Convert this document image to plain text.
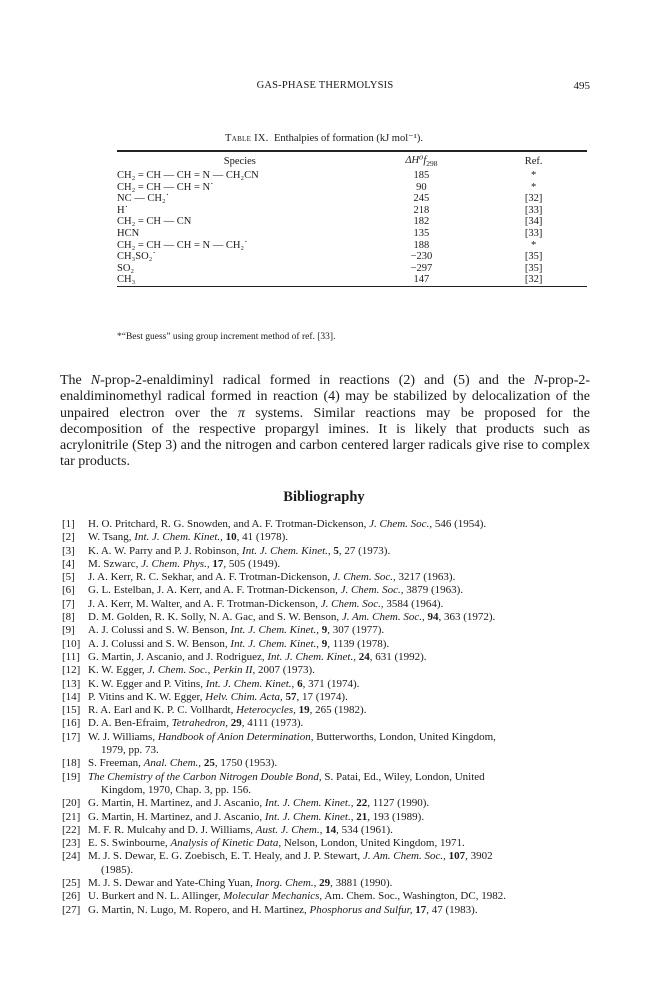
GAS-PHASE THERMOLYSIS	495
Table IX. Enthalpies of formation (kJ mol⁻¹).
Species	$\Delta H^0f_{298}$	Ref.
CH₂ = CH — CH = N — CH₂CN	185	*
CH₂ = CH — CH = N˙	90	*
NC — CH₂˙	245	[32]
H˙	218	[33]
CH₂ = CH — CN	182	[34]
HCN	135	[33]
CH₂ = CH — CH = N — CH₂˙	188	*
CH₃SO₂˙	−230	[35]
SO₂	−297	[35]
CH₃	147	[32]
*“Best guess” using group increment method of ref. [33].
The N-prop-2-enaldiminyl radical formed in reactions (2) and (5) and the N-prop-2-enaldiminomethyl radical formed in reaction (4) may be stabilized by delocalization of the unpaired electron over the π systems. Similar reactions may be proposed for the decomposition of the respective propargyl imines. It is likely that products such as acrylonitrile (Step 3) and the nitrogen and carbon centered larger radicals give rise to complex tar products.
Bibliography
[1]	H. O. Pritchard, R. G. Snowden, and A. F. Trotman-Dickenson, J. Chem. Soc., 546 (1954).
[2]	W. Tsang, Int. J. Chem. Kinet., 10, 41 (1978).
[3]	K. A. W. Parry and P. J. Robinson, Int. J. Chem. Kinet., 5, 27 (1973).
[4]	M. Szwarc, J. Chem. Phys., 17, 505 (1949).
[5]	J. A. Kerr, R. C. Sekhar, and A. F. Trotman-Dickenson, J. Chem. Soc., 3217 (1963).
[6]	G. L. Estelban, J. A. Kerr, and A. F. Trotman-Dickenson, J. Chem. Soc., 3879 (1963).
[7]	J. A. Kerr, M. Walter, and A. F. Trotman-Dickenson, J. Chem. Soc., 3584 (1964).
[8]	D. M. Golden, R. K. Solly, N. A. Gac, and S. W. Benson, J. Am. Chem. Soc., 94, 363 (1972).
[9]	A. J. Colussi and S. W. Benson, Int. J. Chem. Kinet., 9, 307 (1977).
[10] A. J. Colussi and S. W. Benson, Int. J. Chem. Kinet., 9, 1139 (1978).
[11] G. Martin, J. Ascanio, and J. Rodriguez, Int. J. Chem. Kinet., 24, 631 (1992).
[12] K. W. Egger, J. Chem. Soc., Perkin II, 2007 (1973).
[13] K. W. Egger and P. Vitins, Int. J. Chem. Kinet., 6, 371 (1974).
[14] P. Vitins and K. W. Egger, Helv. Chim. Acta, 57, 17 (1974).
[15] R. A. Earl and K. P. C. Vollhardt, Heterocycles, 19, 265 (1982).
[16] D. A. Ben-Efraim, Tetrahedron, 29, 4111 (1973).
[17] W. J. Williams, Handbook of Anion Determination, Butterworths, London, United Kingdom,
1979, pp. 73.
[18] S. Freeman, Anal. Chem., 25, 1750 (1953).
[19] The Chemistry of the Carbon Nitrogen Double Bond, S. Patai, Ed., Wiley, London, United
Kingdom, 1970, Chap. 3, pp. 156.
[20] G. Martin, H. Martinez, and J. Ascanio, Int. J. Chem. Kinet., 22, 1127 (1990).
[21] G. Martin, H. Martinez, and J. Ascanio, Int. J. Chem. Kinet., 21, 193 (1989).
[22] M. F. R. Mulcahy and D. J. Williams, Aust. J. Chem., 14, 534 (1961).
[23] E. S. Swinbourne, Analysis of Kinetic Data, Nelson, London, United Kingdom, 1971.
[24] M. J. S. Dewar, E. G. Zoebisch, E. T. Healy, and J. P. Stewart, J. Am. Chem. Soc., 107, 3902
(1985).
[25] M. J. S. Dewar and Yate-Ching Yuan, Inorg. Chem., 29, 3881 (1990).
[26] U. Burkert and N. L. Allinger, Molecular Mechanics, Am. Chem. Soc., Washington, DC, 1982.
[27] G. Martin, N. Lugo, M. Ropero, and H. Martinez, Phosphorus and Sulfur, 17, 47 (1983).
